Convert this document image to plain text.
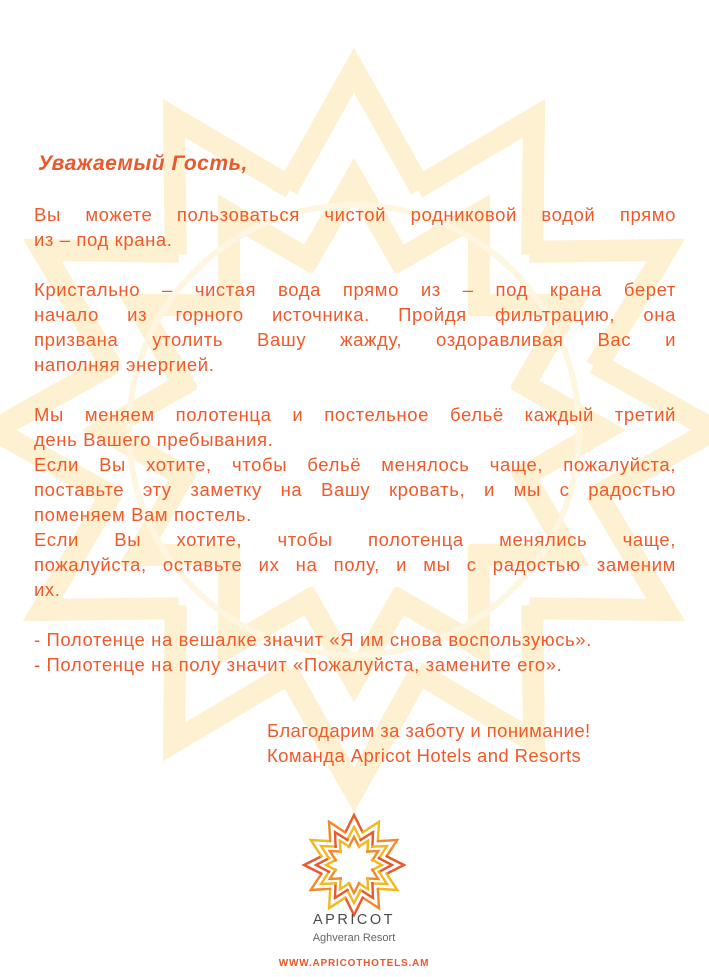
Уважаемый Гость,

Вы можете пользоваться чистой родниковой водой прямо
из – под крана.

Кристально – чистая вода прямо из – под крана берет
начало из горного источника. Пройдя фильтрацию, она
призвана утолить Вашу жажду, оздоравливая Вас и
наполняя энергией.

Мы меняем полотенца и постельное бельё каждый третий
день Вашего пребывания.
Если Вы хотите, чтобы бельё менялось чаще, пожалуйста,
поставьте эту заметку на Вашу кровать, и мы с радостью
поменяем Вам постель.
Если Вы хотите, чтобы полотенца менялись чаще,
пожалуйста, оставьте их на полу, и мы с радостью заменим
их.

- Полотенце на вешалке значит «Я им снова воспользуюсь».
- Полотенце на полу значит «Пожалуйста, замените его».

Благодарим за заботу и понимание!
Команда Apricot Hotels and Resorts

APRICOT

Aghveran Resort

WWW.APRICOTHOTELS.AM
